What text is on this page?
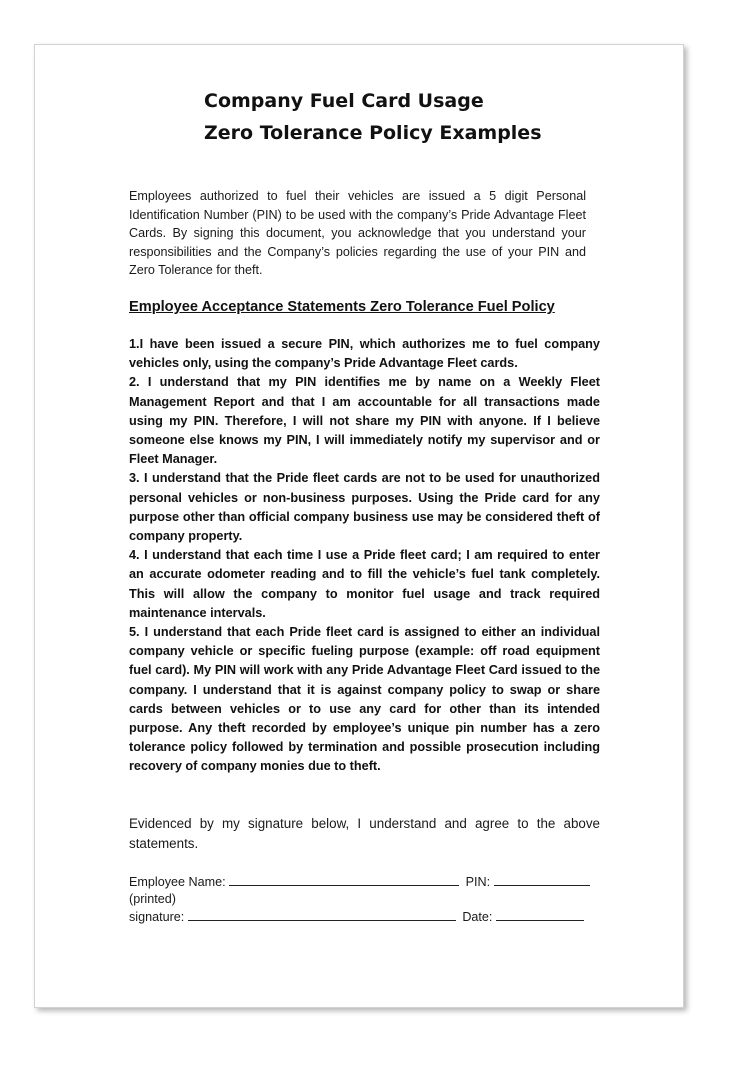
Company Fuel Card Usage
Zero Tolerance Policy Examples

Employees authorized to fuel their vehicles are issued a 5 digit Personal Identification Number (PIN) to be used with the company’s Pride Advantage Fleet Cards. By signing this document, you acknowledge that you understand your responsibilities and the Company’s policies regarding the use of your PIN and Zero Tolerance for theft.

Employee Acceptance Statements Zero Tolerance Fuel Policy

1.I have been issued a secure PIN, which authorizes me to fuel company vehicles only, using the company’s Pride Advantage Fleet cards.

2. I understand that my PIN identifies me by name on a Weekly Fleet Management Report and that I am accountable for all transactions made using my PIN. Therefore, I will not share my PIN with anyone. If I believe someone else knows my PIN, I will immediately notify my supervisor and or Fleet Manager.

3. I understand that the Pride fleet cards are not to be used for unauthorized personal vehicles or non-business purposes. Using the Pride card for any purpose other than official company business use may be considered theft of company property.

4. I understand that each time I use a Pride fleet card; I am required to enter an accurate odometer reading and to fill the vehicle’s fuel tank completely. This will allow the company to monitor fuel usage and track required maintenance intervals.

5. I understand that each Pride fleet card is assigned to either an individual company vehicle or specific fueling purpose (example: off road equipment fuel card). My PIN will work with any Pride Advantage Fleet Card issued to the company. I understand that it is against company policy to swap or share cards between vehicles or to use any card for other than its intended purpose. Any theft recorded by employee’s unique pin number has a zero tolerance policy followed by termination and possible prosecution including recovery of company monies due to theft.

Evidenced by my signature below, I understand and agree to the above statements.

Employee Name:	PIN:
(printed)
signature:	Date:
